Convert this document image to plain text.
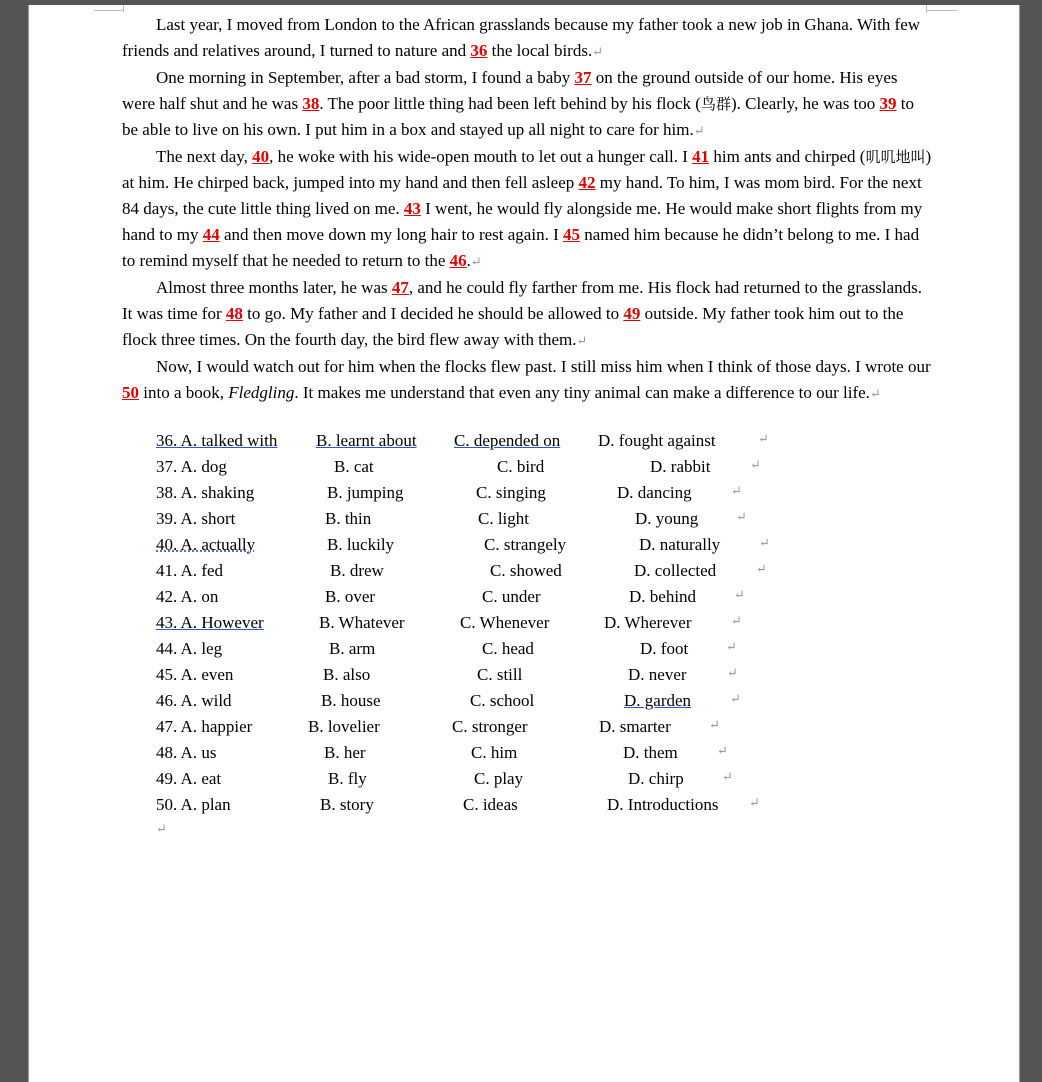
Last year, I moved from London to the African grasslands because my father took a new job in Ghana. With few friends and relatives around, I turned to nature and 36 the local birds.↵

One morning in September, after a bad storm, I found a baby 37 on the ground outside of our home. His eyes were half shut and he was 38. The poor little thing had been left behind by his flock (鸟群). Clearly, he was too 39 to be able to live on his own. I put him in a box and stayed up all night to care for him.↵

The next day, 40, he woke with his wide-open mouth to let out a hunger call. I 41 him ants and chirped (叽叽地叫) at him. He chirped back, jumped into my hand and then fell asleep 42 my hand. To him, I was mom bird. For the next 84 days, the cute little thing lived on me. 43 I went, he would fly alongside me. He would make short flights from my hand to my 44 and then move down my long hair to rest again. I 45 named him because he didn’t belong to me. I had to remind myself that he needed to return to the 46.↵

Almost three months later, he was 47, and he could fly farther from me. His flock had returned to the grasslands. It was time for 48 to go. My father and I decided he should be allowed to 49 outside. My father took him out to the flock three times. On the fourth day, the bird flew away with them.↵

Now, I would watch out for him when the flocks flew past. I still miss him when I think of those days. I wrote our 50 into a book, Fledgling. It makes me understand that even any tiny animal can make a difference to our life.↵

36. A. talked with B. learnt about C. depended on D. fought against	↵
37. A. dog	B. cat	C. bird	D. rabbit	↵
38. A. shaking	B. jumping	C. singing	D. dancing	↵
39. A. short	B. thin	C. light	D. young	↵
40. A. actually	B. luckily	C. strangely	D. naturally	↵
41. A. fed	B. drew	C. showed	D. collected	↵
42. A. on	B. over	C. under	D. behind	↵
43. A. However	B. Whatever	C. Whenever	D. Wherever	↵
44. A. leg	B. arm	C. head	D. foot	↵
45. A. even	B. also	C. still	D. never	↵
46. A. wild	B. house	C. school	D. garden	↵
47. A. happier	B. lovelier	C. stronger	D. smarter	↵
48. A. us	B. her	C. him	D. them	↵
49. A. eat	B. fly	C. play	D. chirp	↵
50. A. plan	B. story	C. ideas	D. Introductions ↵
↵
